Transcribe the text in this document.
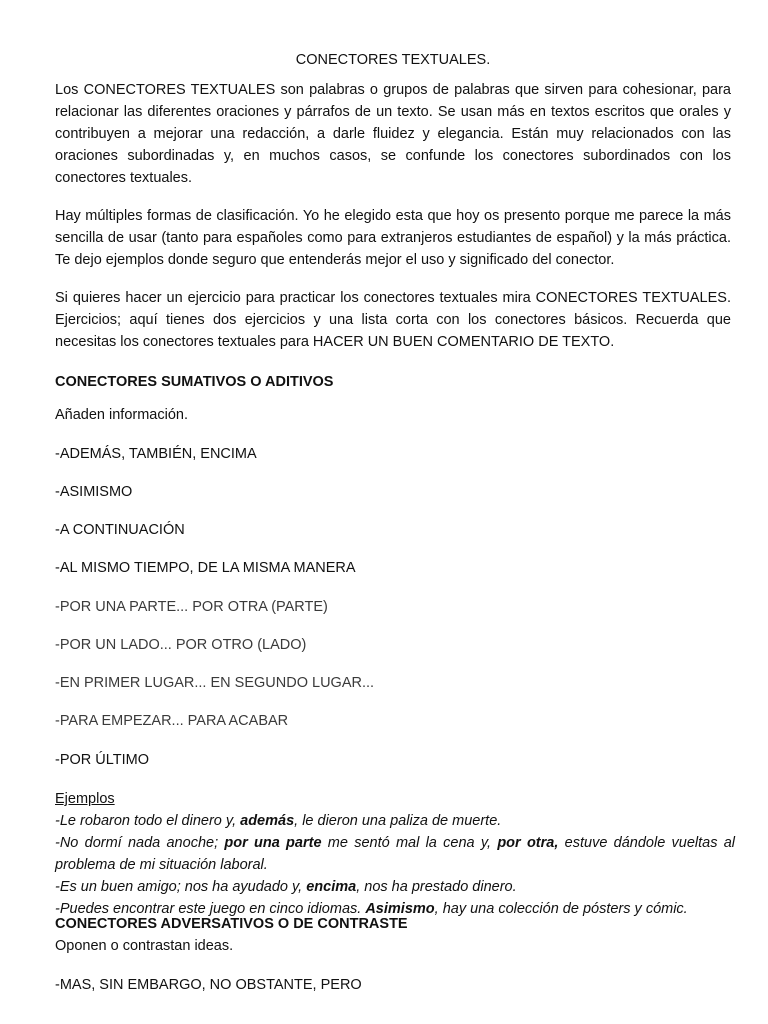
CONECTORES TEXTUALES.

Los CONECTORES TEXTUALES son palabras o grupos de palabras que sirven para cohesionar, para relacionar las diferentes oraciones y párrafos de un texto. Se usan más en textos escritos que orales y contribuyen a mejorar una redacción, a darle fluidez y elegancia. Están muy relacionados con las oraciones subordinadas y, en muchos casos, se confunde los conectores subordinados con los conectores textuales.

Hay múltiples formas de clasificación. Yo he elegido esta que hoy os presento porque me parece la más sencilla de usar (tanto para españoles como para extranjeros estudiantes de español) y la más práctica. Te dejo ejemplos donde seguro que entenderás mejor el uso y significado del conector.

Si quieres hacer un ejercicio para practicar los conectores textuales mira CONECTORES TEXTUALES. Ejercicios; aquí tienes dos ejercicios y una lista corta con los conectores básicos. Recuerda que necesitas los conectores textuales para HACER UN BUEN COMENTARIO DE TEXTO.

CONECTORES SUMATIVOS O ADITIVOS

Añaden información.

-ADEMÁS, TAMBIÉN, ENCIMA

-ASIMISMO

-A CONTINUACIÓN

-AL MISMO TIEMPO, DE LA MISMA MANERA

-POR UNA PARTE... POR OTRA (PARTE)

-POR UN LADO... POR OTRO (LADO)

-EN PRIMER LUGAR... EN SEGUNDO LUGAR...

-PARA EMPEZAR... PARA ACABAR

-POR ÚLTIMO

Ejemplos
-Le robaron todo el dinero y, además, le dieron una paliza de muerte.
-No dormí nada anoche; por una parte me sentó mal la cena y, por otra, estuve dándole vueltas al problema de mi situación laboral.
-Es un buen amigo; nos ha ayudado y, encima, nos ha prestado dinero.
-Puedes encontrar este juego en cinco idiomas. Asimismo, hay una colección de pósters y cómic.
CONECTORES ADVERSATIVOS O DE CONTRASTE

Oponen o contrastan ideas.

-MAS, SIN EMBARGO, NO OBSTANTE, PERO
